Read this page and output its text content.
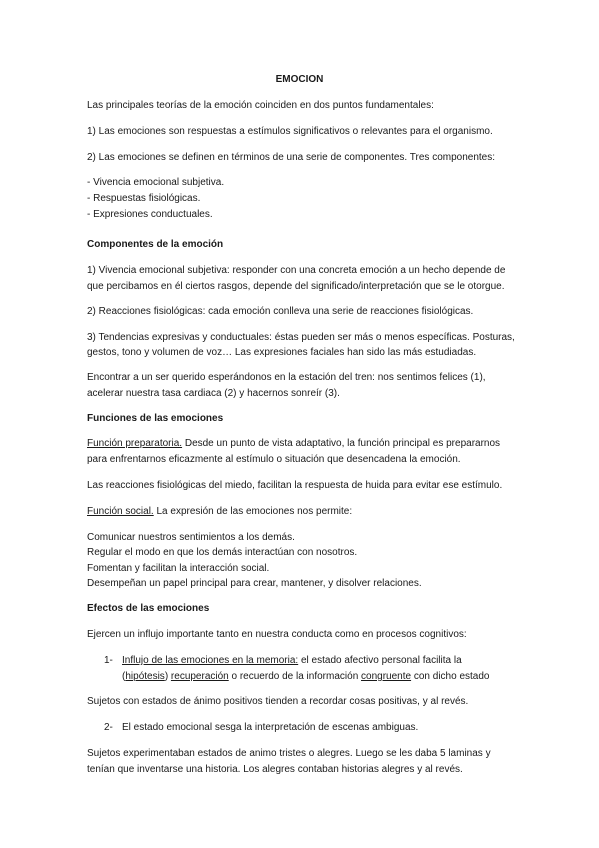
EMOCION
Las principales teorías de la emoción coinciden en dos puntos fundamentales:
1) Las emociones son respuestas a estímulos significativos o relevantes para el organismo.
2) Las emociones se definen en términos de una serie de componentes. Tres componentes:
- Vivencia emocional subjetiva.
- Respuestas fisiológicas.
- Expresiones conductuales.
Componentes de la emoción
1) Vivencia emocional subjetiva: responder con una concreta emoción a un hecho depende de
que percibamos en él ciertos rasgos, depende del significado/interpretación que se le otorgue.
2) Reacciones fisiológicas: cada emoción conlleva una serie de reacciones fisiológicas.
3) Tendencias expresivas y conductuales: éstas pueden ser más o menos específicas. Posturas,
gestos, tono y volumen de voz… Las expresiones faciales han sido las más estudiadas.
Encontrar a un ser querido esperándonos en la estación del tren: nos sentimos felices (1),
acelerar nuestra tasa cardiaca (2) y hacernos sonreír (3).
Funciones de las emociones
Función preparatoria. Desde un punto de vista adaptativo, la función principal es prepararnos
para enfrentarnos eficazmente al estímulo o situación que desencadena la emoción.
Las reacciones fisiológicas del miedo, facilitan la respuesta de huida para evitar ese estímulo.
Función social. La expresión de las emociones nos permite:
Comunicar nuestros sentimientos a los demás.
Regular el modo en que los demás interactúan con nosotros.
Fomentan y facilitan la interacción social.
Desempeñan un papel principal para crear, mantener, y disolver relaciones.
Efectos de las emociones
Ejercen un influjo importante tanto en nuestra conducta como en procesos cognitivos:
1- Influjo de las emociones en la memoria: el estado afectivo personal facilita la
(hipótesis) recuperación o recuerdo de la información congruente con dicho estado
Sujetos con estados de ánimo positivos tienden a recordar cosas positivas, y al revés.
2- El estado emocional sesga la interpretación de escenas ambiguas.
Sujetos experimentaban estados de animo tristes o alegres. Luego se les daba 5 laminas y
tenían que inventarse una historia. Los alegres contaban historias alegres y al revés.
